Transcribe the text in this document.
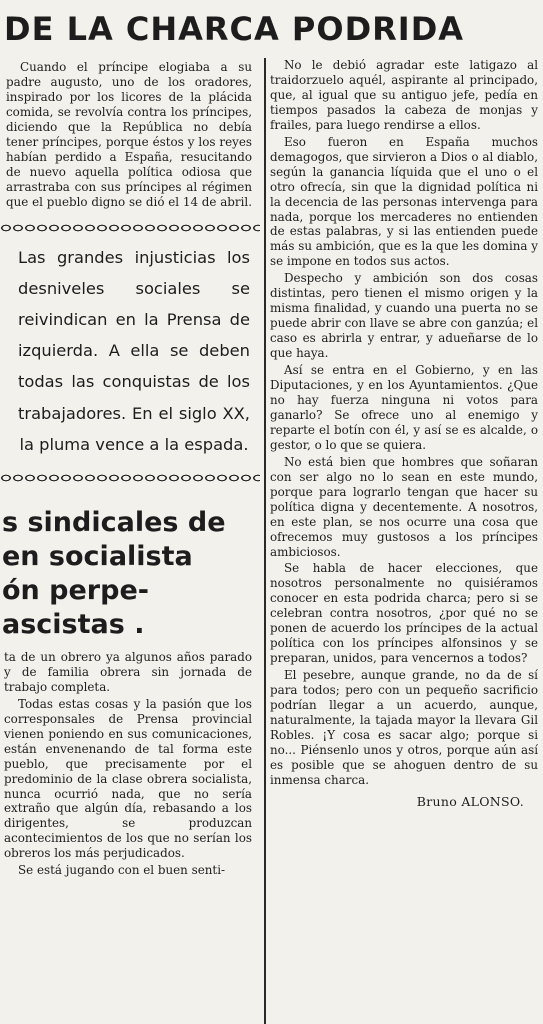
DE LA CHARCA PODRIDA

Cuando el príncipe elogiaba a su padre augusto, uno de los oradores, inspirado por los licores de la plácida comida, se revolvía contra los príncipes, diciendo que la República no debía tener príncipes, porque éstos y los reyes habían perdido a España, resucitando de nuevo aquella política odiosa que arrastraba con sus príncipes al régimen que el pueblo digno se dió el 14 de abril.

Las grandes injusticias los desniveles sociales se reivindican en la Prensa de izquierda. A ella se deben todas las conquistas de los trabajadores. En el siglo XX, la pluma vence a la espada.
s sindicales de
en socialista
ón perpe-
ascistas .

ta de un obrero ya algunos años parado y de familia obrera sin jornada de trabajo completa.

Todas estas cosas y la pasión que los corresponsales de Prensa provincial vienen poniendo en sus comunicaciones, están envenenando de tal forma este pueblo, que precisamente por el predominio de la clase obrera socialista, nunca ocurrió nada, que no sería extraño que algún día, rebasando a los dirigentes, se produzcan acontecimientos de los que no serían los obreros los más perjudicados.

Se está jugando con el buen senti-

No le debió agradar este latigazo al traidorzuelo aquél, aspirante al principado, que, al igual que su antiguo jefe, pedía en tiempos pasados la cabeza de monjas y frailes, para luego rendirse a ellos.

Eso fueron en España muchos demagogos, que sirvieron a Dios o al diablo, según la ganancia líquida que el uno o el otro ofrecía, sin que la dignidad política ni la decencia de las personas intervenga para nada, porque los mercaderes no entienden de estas palabras, y si las entienden puede más su ambición, que es la que les domina y se impone en todos sus actos.

Despecho y ambición son dos cosas distintas, pero tienen el mismo origen y la misma finalidad, y cuando una puerta no se puede abrir con llave se abre con ganzúa; el caso es abrirla y entrar, y adueñarse de lo que haya.

Así se entra en el Gobierno, y en las Diputaciones, y en los Ayuntamientos. ¿Que no hay fuerza ninguna ni votos para ganarlo? Se ofrece uno al enemigo y reparte el botín con él, y así se es alcalde, o gestor, o lo que se quiera.

No está bien que hombres que soñaran con ser algo no lo sean en este mundo, porque para lograrlo tengan que hacer su política digna y decentemente. A nosotros, en este plan, se nos ocurre una cosa que ofrecemos muy gustosos a los príncipes ambiciosos.

Se habla de hacer elecciones, que nosotros personalmente no quisiéramos conocer en esta podrida charca; pero si se celebran contra nosotros, ¿por qué no se ponen de acuerdo los príncipes de la actual política con los príncipes alfonsinos y se preparan, unidos, para vencernos a todos?

El pesebre, aunque grande, no da de sí para todos; pero con un pequeño sacrificio podrían llegar a un acuerdo, aunque, naturalmente, la tajada mayor la llevara Gil Robles. ¡Y cosa es sacar algo; porque si no... Piénsenlo unos y otros, porque aún así es posible que se ahoguen dentro de su inmensa charca.

Bruno ALONSO.
